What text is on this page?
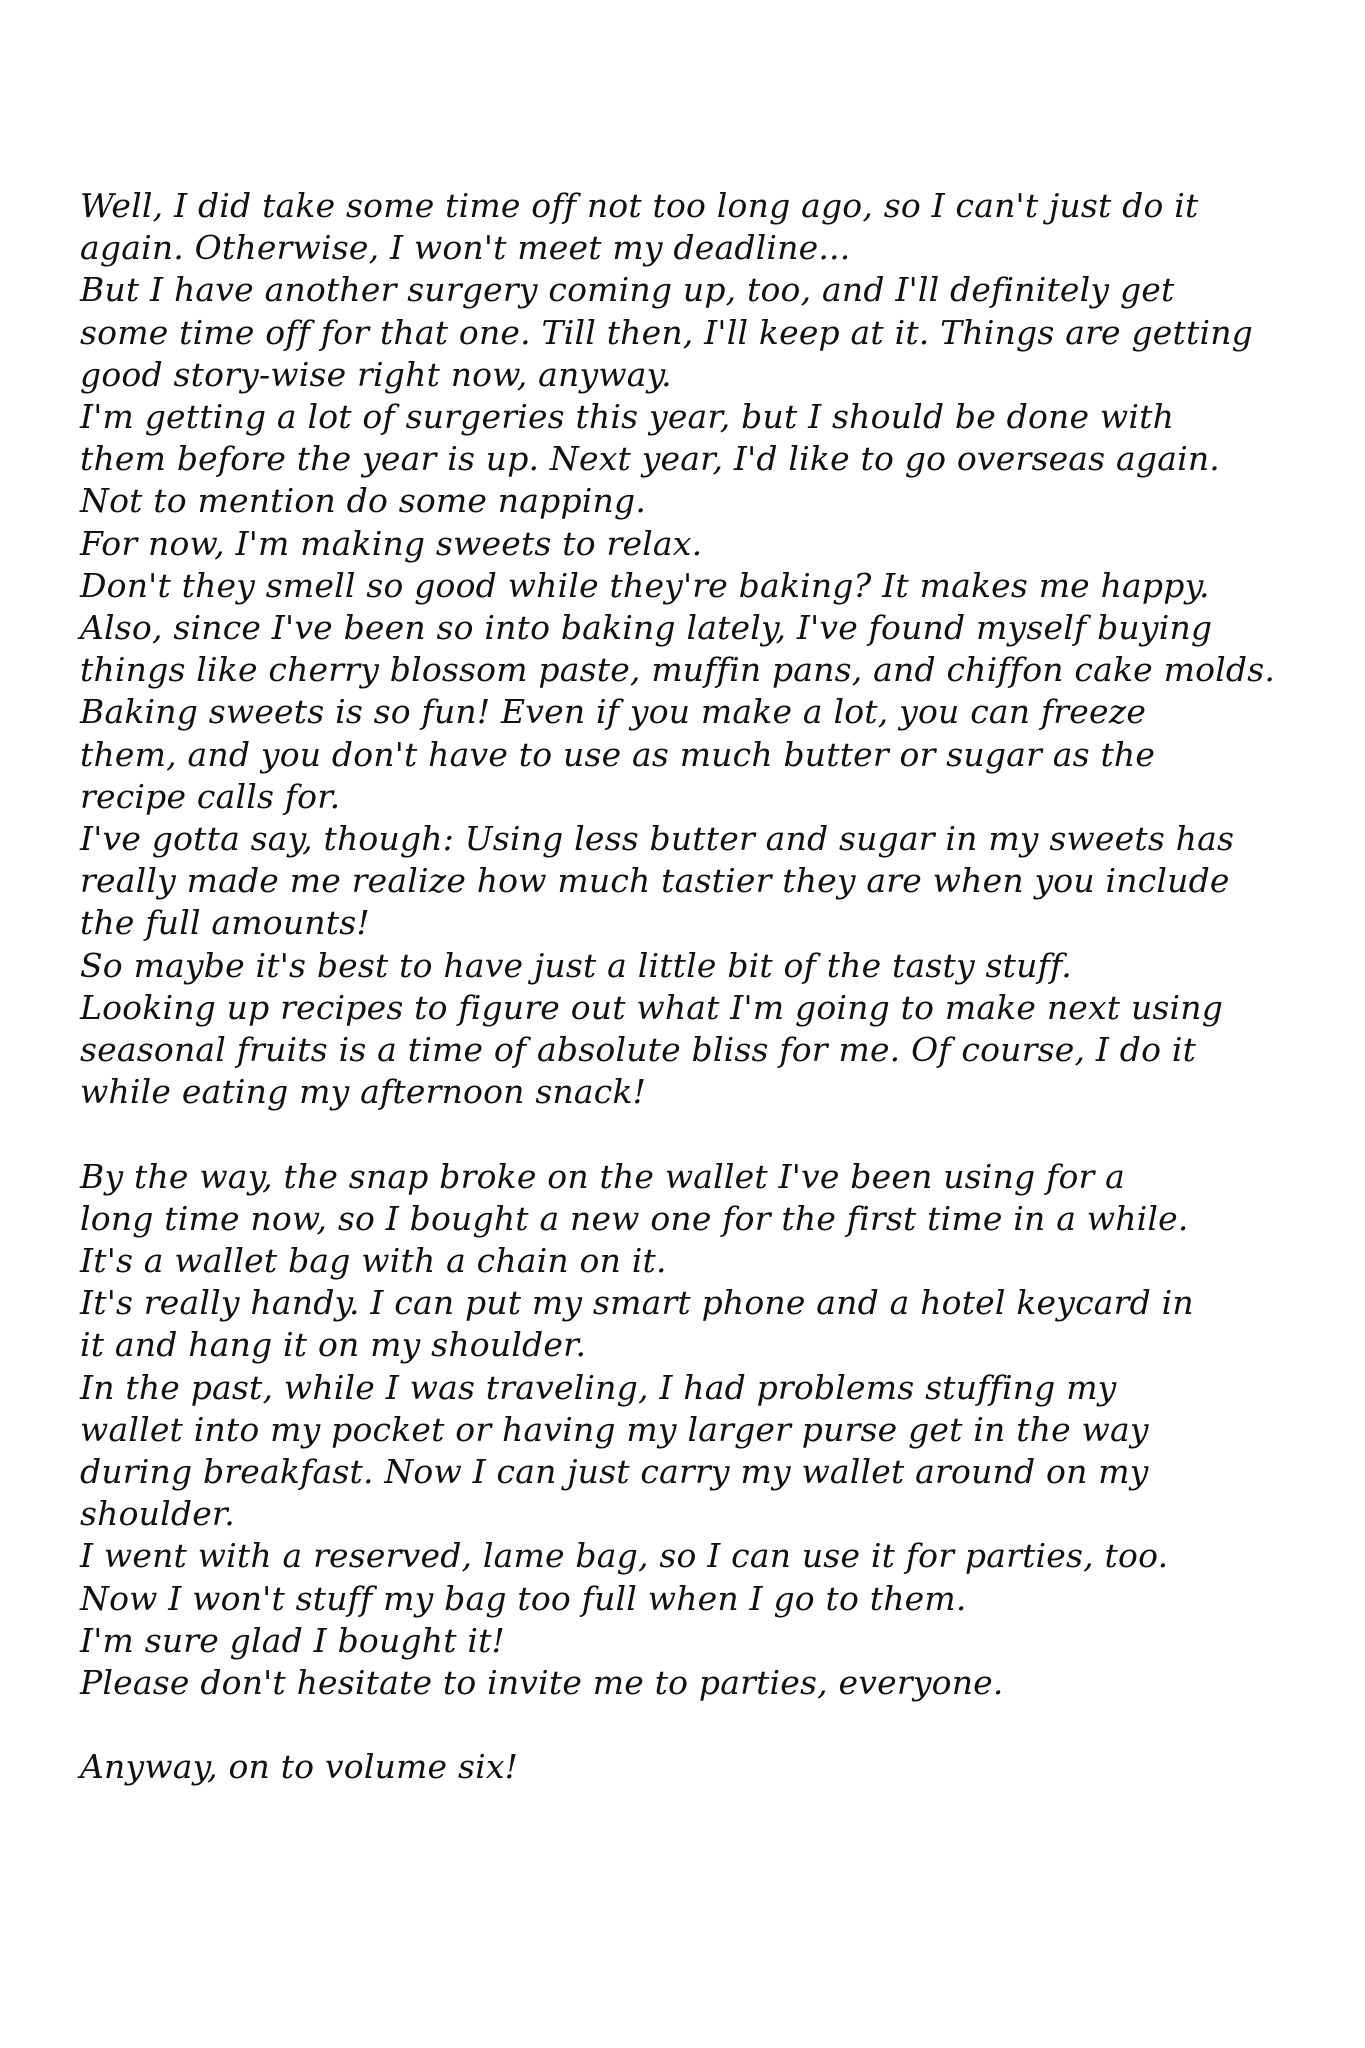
Well, I did take some time off not too long ago, so I can't just do it
again. Otherwise, I won't meet my deadline...
But I have another surgery coming up, too, and I'll definitely get
some time off for that one. Till then, I'll keep at it. Things are getting
good story-wise right now, anyway.
I'm getting a lot of surgeries this year, but I should be done with
them before the year is up. Next year, I'd like to go overseas again.
Not to mention do some napping.
For now, I'm making sweets to relax.
Don't they smell so good while they're baking? It makes me happy.
Also, since I've been so into baking lately, I've found myself buying
things like cherry blossom paste, muffin pans, and chiffon cake molds.
Baking sweets is so fun! Even if you make a lot, you can freeze
them, and you don't have to use as much butter or sugar as the
recipe calls for.
I've gotta say, though: Using less butter and sugar in my sweets has
really made me realize how much tastier they are when you include
the full amounts!
So maybe it's best to have just a little bit of the tasty stuff.
Looking up recipes to figure out what I'm going to make next using
seasonal fruits is a time of absolute bliss for me. Of course, I do it
while eating my afternoon snack!
By the way, the snap broke on the wallet I've been using for a
long time now, so I bought a new one for the first time in a while.
It's a wallet bag with a chain on it.
It's really handy. I can put my smart phone and a hotel keycard in
it and hang it on my shoulder.
In the past, while I was traveling, I had problems stuffing my
wallet into my pocket or having my larger purse get in the way
during breakfast. Now I can just carry my wallet around on my
shoulder.
I went with a reserved, lame bag, so I can use it for parties, too.
Now I won't stuff my bag too full when I go to them.
I'm sure glad I bought it!
Please don't hesitate to invite me to parties, everyone.
Anyway, on to volume six!
